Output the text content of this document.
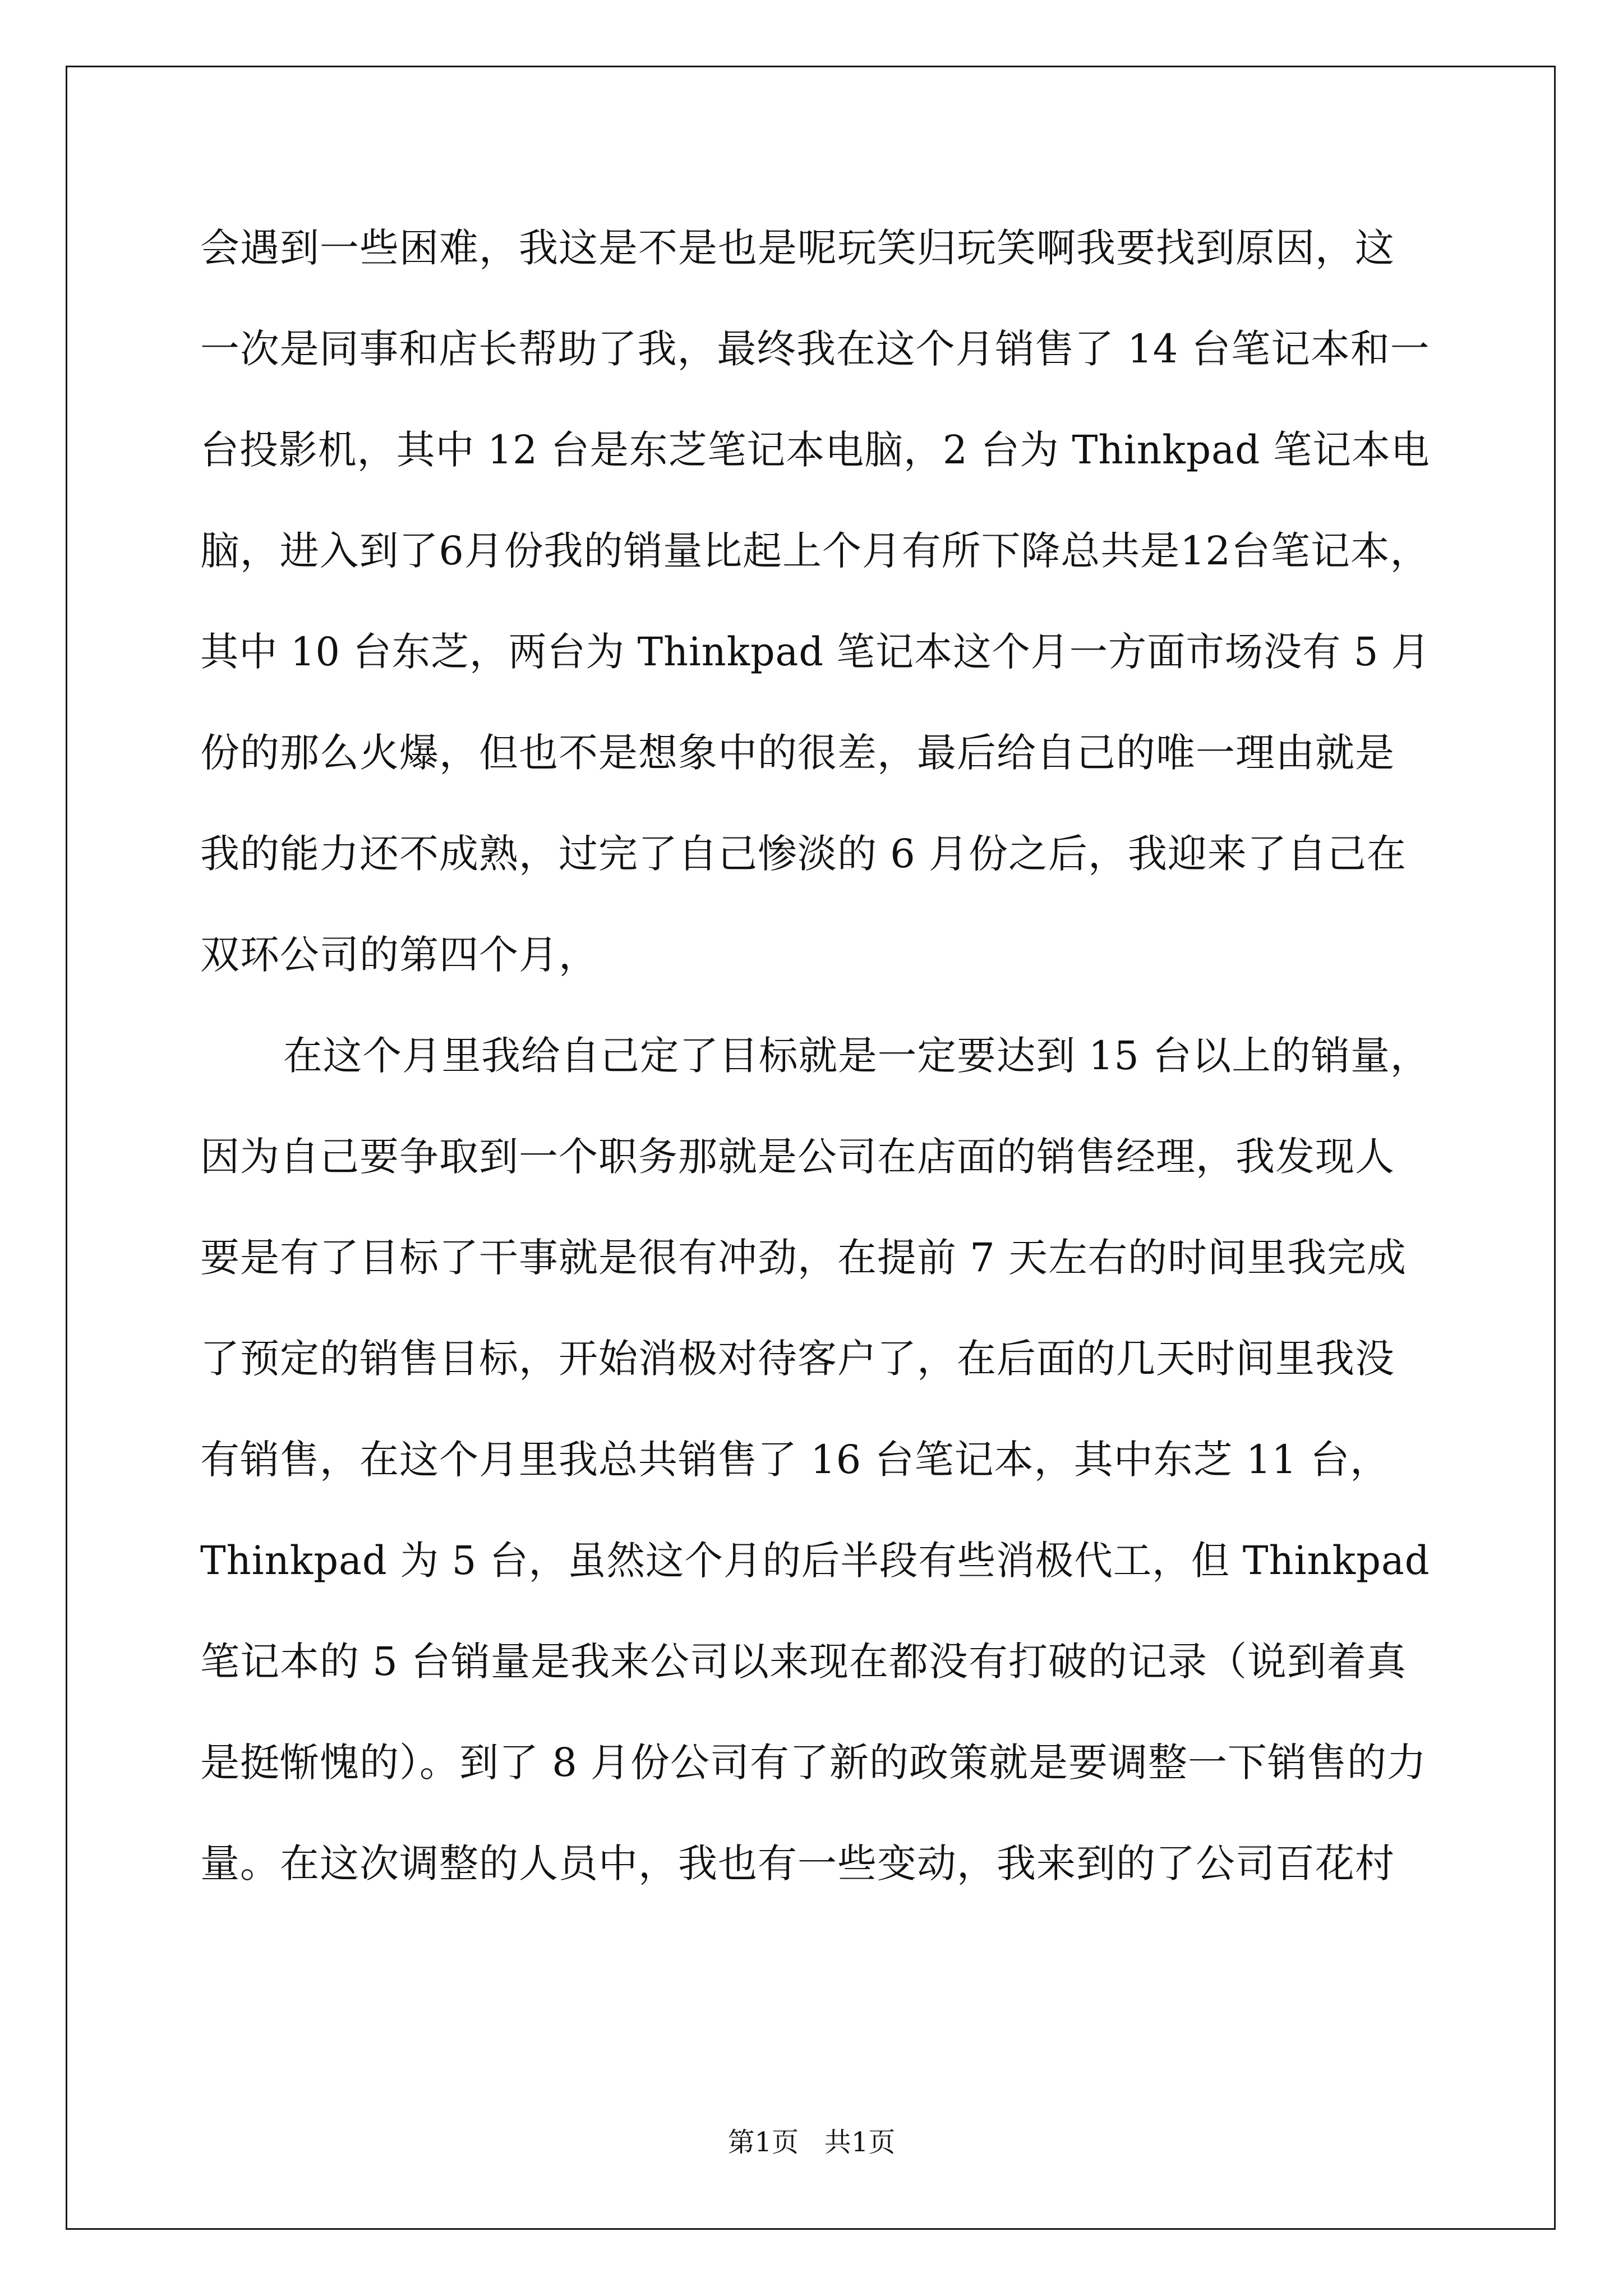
会遇到一些困难，我这是不是也是呢玩笑归玩笑啊我要找到原因，这
一次是同事和店长帮助了我，最终我在这个月销售了 14 台笔记本和一
台投影机，其中 12 台是东芝笔记本电脑，2 台为 Thinkpad 笔记本电
脑，进入到了6月份我的销量比起上个月有所下降总共是12台笔记本，
其中 10 台东芝，两台为 Thinkpad 笔记本这个月一方面市场没有 5 月
份的那么火爆，但也不是想象中的很差，最后给自己的唯一理由就是
我的能力还不成熟，过完了自己惨淡的 6 月份之后，我迎来了自己在
双环公司的第四个月，
在这个月里我给自己定了目标就是一定要达到 15 台以上的销量，
因为自己要争取到一个职务那就是公司在店面的销售经理，我发现人
要是有了目标了干事就是很有冲劲，在提前 7 天左右的时间里我完成
了预定的销售目标，开始消极对待客户了，在后面的几天时间里我没
有销售，在这个月里我总共销售了 16 台笔记本，其中东芝 11 台，
Thinkpad 为 5 台，虽然这个月的后半段有些消极代工，但 Thinkpad
笔记本的 5 台销量是我来公司以来现在都没有打破的记录（说到着真
是挺惭愧的）。到了 8 月份公司有了新的政策就是要调整一下销售的力
量。在这次调整的人员中，我也有一些变动，我来到的了公司百花村
第1页   共1页
